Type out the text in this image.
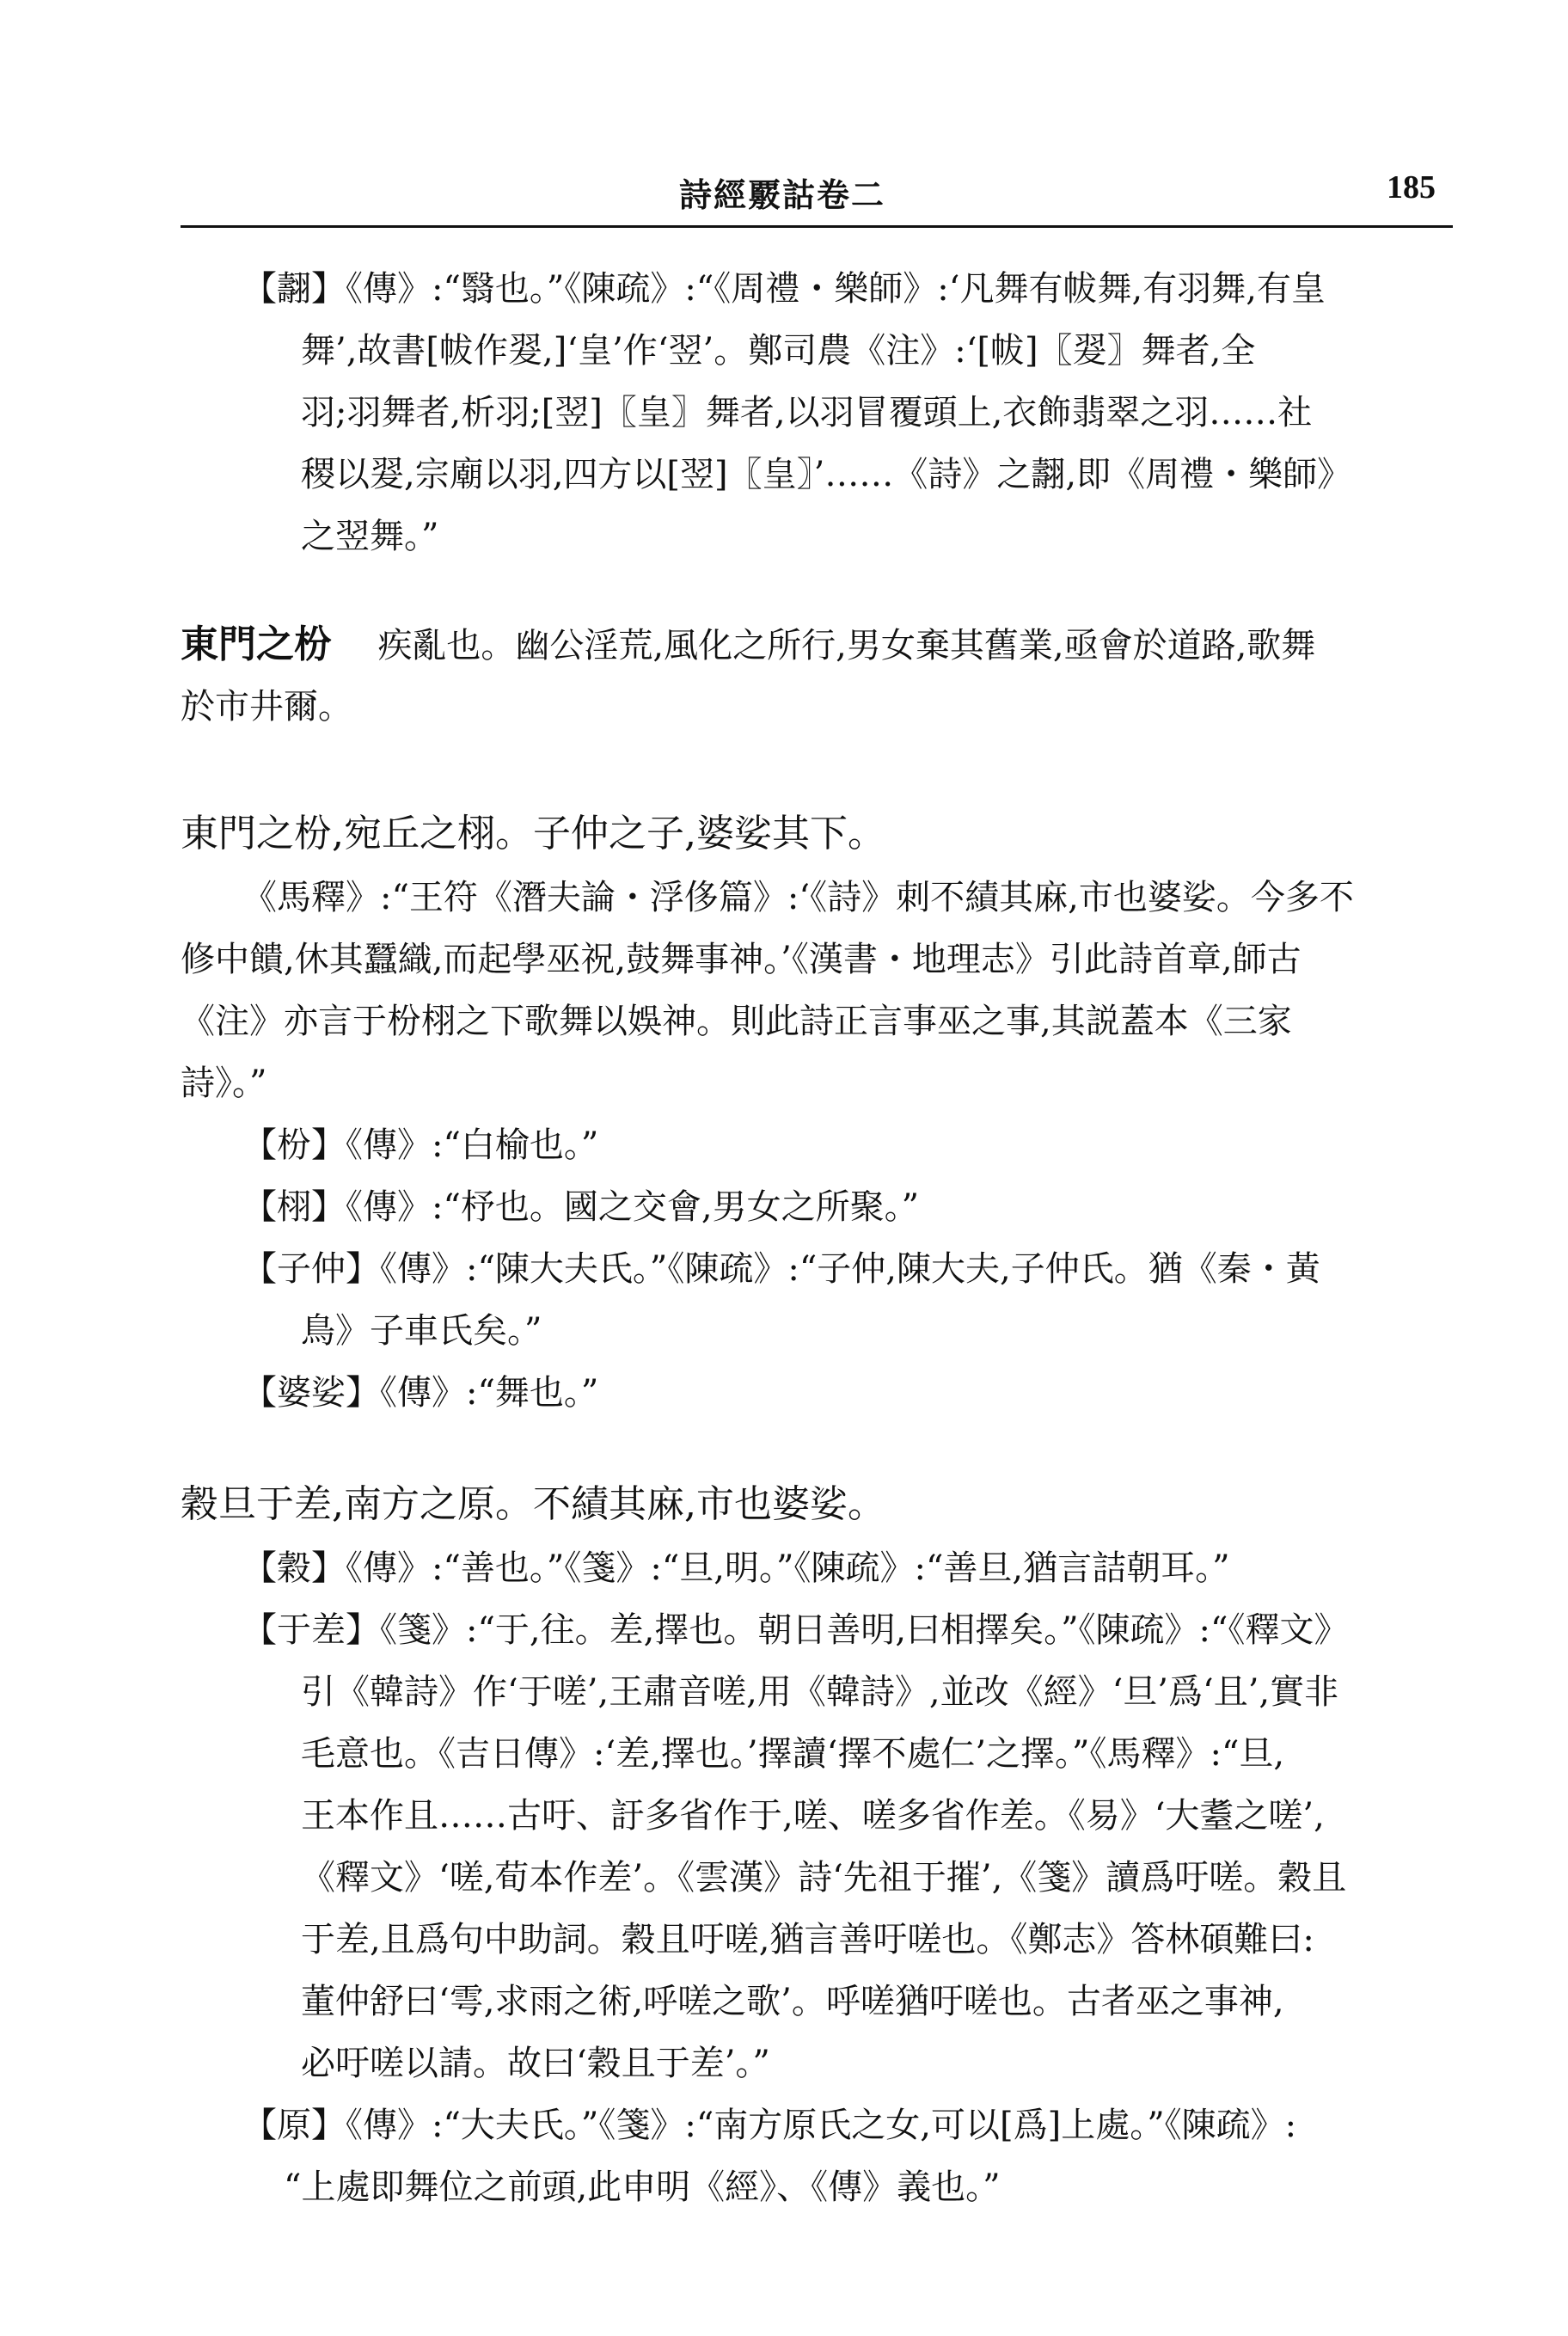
詩經覈詁卷二	185
【翿】《傳》:“翳也。”《陳疏》:“《周禮・樂師》:‘凡舞有帗舞,有羽舞,有皇
舞’,故書[帗作翇,]‘皇’作‘翌’。鄭司農《注》:‘[帗]〖翇〗舞者,全
羽;羽舞者,析羽;[翌]〖皇〗舞者,以羽冒覆頭上,衣飾翡翠之羽……社
稷以翇,宗廟以羽,四方以[翌]〖皇〗’……《詩》之翿,即《周禮・樂師》
之翌舞。”
東門之枌 疾亂也。幽公淫荒,風化之所行,男女棄其舊業,亟會於道路,歌舞
於市井爾。
東門之枌,宛丘之栩。子仲之子,婆娑其下。
《馬釋》:“王符《潛夫論・浮侈篇》:‘《詩》刺不績其麻,市也婆娑。今多不
修中饋,休其蠶織,而起學巫祝,鼓舞事神。’《漢書・地理志》引此詩首章,師古
《注》亦言于枌栩之下歌舞以娛神。則此詩正言事巫之事,其説蓋本《三家
詩》。”
【枌】《傳》:“白榆也。”
【栩】《傳》:“杼也。國之交會,男女之所聚。”
【子仲】《傳》:“陳大夫氏。”《陳疏》:“子仲,陳大夫,子仲氏。猶《秦・黃
鳥》子車氏矣。”
【婆娑】《傳》:“舞也。”
穀旦于差,南方之原。不績其麻,市也婆娑。
【穀】《傳》:“善也。”《箋》:“旦,明。”《陳疏》:“善旦,猶言詰朝耳。”
【于差】《箋》:“于,往。差,擇也。朝日善明,曰相擇矣。”《陳疏》:“《釋文》
引《韓詩》作‘于嗟’,王肅音嗟,用《韓詩》,並改《經》‘旦’爲‘且’,實非
毛意也。《吉日傳》:‘差,擇也。’擇讀‘擇不處仁’之擇。”《馬釋》:“旦,
王本作且……古吁、訏多省作于,嗟、嗟多省作差。《易》‘大耋之嗟’,
《釋文》‘嗟,荀本作差’。《雲漢》詩‘先祖于摧’,《箋》讀爲吁嗟。穀且
于差,且爲句中助詞。穀且吁嗟,猶言善吁嗟也。《鄭志》答林碩難曰:
董仲舒曰‘雩,求雨之術,呼嗟之歌’。呼嗟猶吁嗟也。古者巫之事神,
必吁嗟以請。故曰‘穀且于差’。”
【原】《傳》:“大夫氏。”《箋》:“南方原氏之女,可以[爲]上處。”《陳疏》:
“上處即舞位之前頭,此申明《經》、《傳》義也。”
